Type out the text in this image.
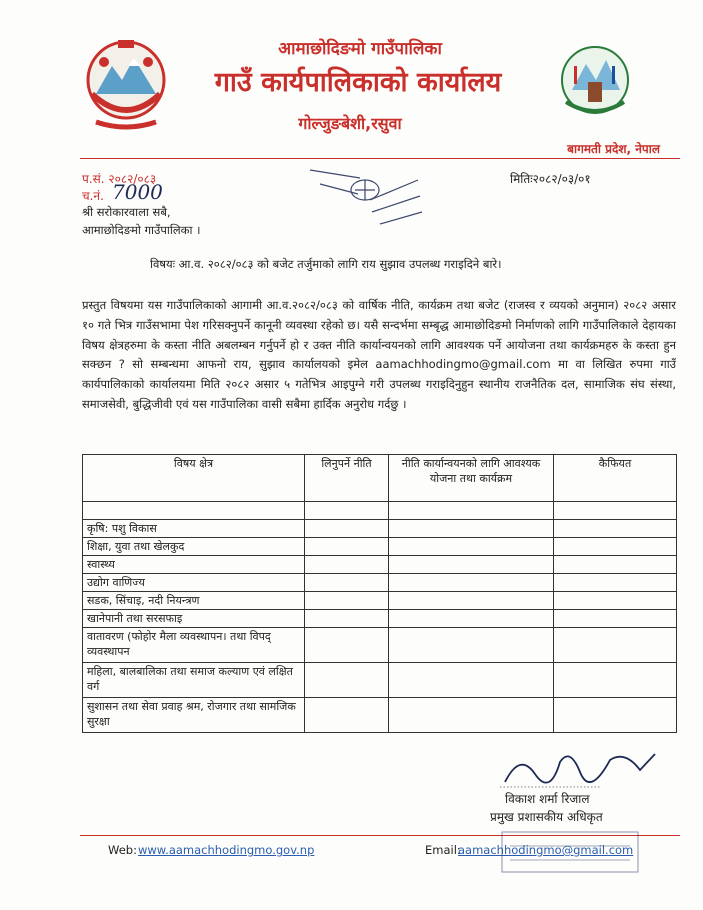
आमाछोदिङमो गाउँपालिका
गाउँ कार्यपालिकाको कार्यालय
गोल्जुङबेशी,रसुवा
बागमती प्रदेश, नेपाल
प.सं. २०८२/०८३
च.नं. 7000
मितिः२०८२/०३/०१
श्री सरोकारवाला सबै,
आमाछोदिङमो गाउँपालिका ।
विषयः आ.व. २०८२/०८३ को बजेट तर्जुमाको लागि राय सुझाव उपलब्ध गराइदिने बारे।
प्रस्तुत विषयमा यस गाउँपालिकाको आगामी आ.व.२०८२/०८३ को वार्षिक नीति, कार्यक्रम तथा बजेट (राजस्व र व्ययको अनुमान) २०८२ असार १० गते भित्र गाउँसभामा पेश गरिसक्नुपर्ने कानूनी व्यवस्था रहेको छ। यसै सन्दर्भमा सम्बृद्ध आमाछोदिङमो निर्माणको लागि गाउँपालिकाले देहायका विषय क्षेत्रहरुमा के कस्ता नीति अबलम्बन गर्नुपर्ने हो र उक्त नीति कार्यान्वयनको लागि आवश्यक पर्ने आयोजना तथा कार्यक्रमहरु के कस्ता हुन सक्छन ? सो सम्बन्धमा आफनो राय, सुझाव कार्यालयको इमेल aamachhodingmo@gmail.com मा वा लिखित रुपमा गाउँ कार्यपालिकाको कार्यालयमा मिति २०८२ असार ५ गतेभित्र आइपुग्ने गरी उपलब्ध गराइदिनुहुन स्थानीय राजनैतिक दल, सामाजिक संघ संस्था, समाजसेवी, बुद्धिजीवी एवं यस गाउँपालिका वासी सबैमा हार्दिक अनुरोध गर्दछु ।
विषय क्षेत्र	लिनुपर्ने नीति	नीति कार्यान्वयनको लागि आवश्यक योजना तथा कार्यक्रम	कैफियत

कृषि: पशु विकास			
शिक्षा, युवा तथा खेलकुद			
स्वास्थ्य			
उद्योग वाणिज्य			
सडक, सिंचाइ, नदी नियन्त्रण			
खानेपानी तथा सरसफाइ			
वातावरण (फोहोर मैला व्यवस्थापन। तथा विपद् व्यवस्थापन			
महिला, बालबालिका तथा समाज कल्याण एवं लक्षित वर्ग			
सुशासन तथा सेवा प्रवाह श्रम, रोजगार तथा सामजिक सुरक्षा			
विकाश शर्मा रिजाल
प्रमुख प्रशासकीय अधिकृत
Web: www.aamachhodingmo.gov.np	Email:
aamachhodingmo@gmail.com
